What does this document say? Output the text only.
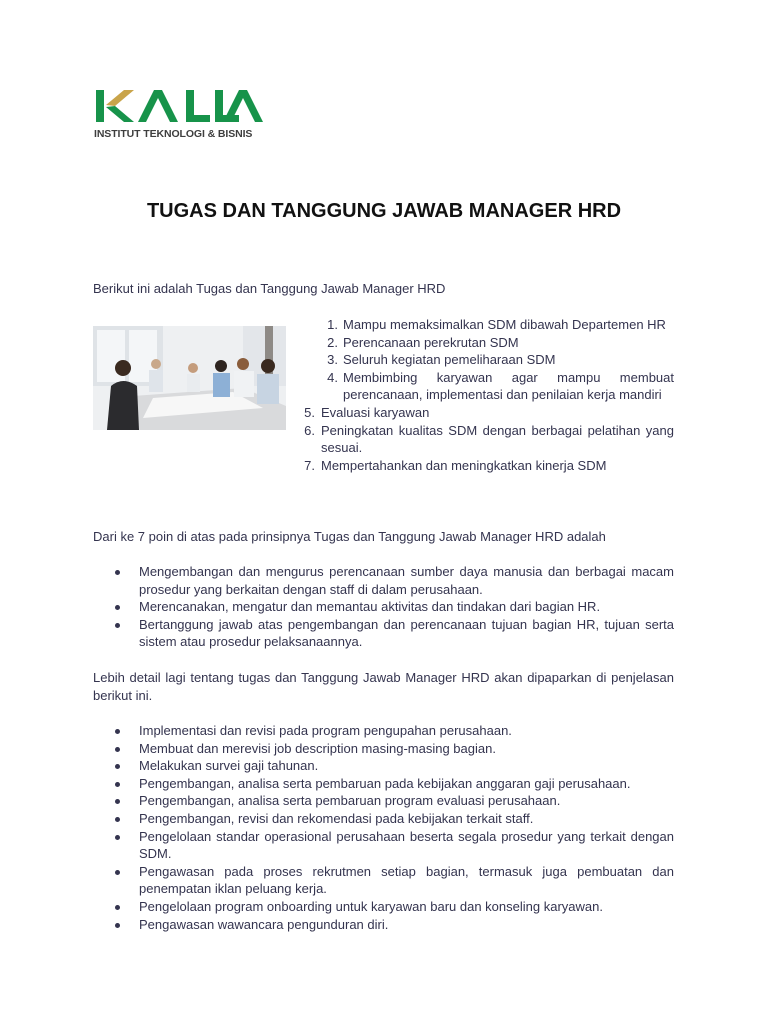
INSTITUT TEKNOLOGI & BISNIS
TUGAS DAN TANGGUNG JAWAB MANAGER HRD
Berikut ini adalah Tugas dan Tanggung Jawab Manager HRD
1. Mampu memaksimalkan SDM dibawah Departemen HR
2. Perencanaan perekrutan SDM
3. Seluruh kegiatan pemeliharaan SDM
4. Membimbing karyawan agar mampu membuat perencanaan, implementasi dan penilaian kerja mandiri
5. Evaluasi karyawan
6. Peningkatan kualitas SDM dengan berbagai pelatihan yang sesuai.
7. Mempertahankan dan meningkatkan kinerja SDM
Dari ke 7 poin di atas pada prinsipnya Tugas dan Tanggung Jawab Manager HRD adalah
Mengembangan dan mengurus perencanaan sumber daya manusia dan berbagai macam prosedur yang berkaitan dengan staff di dalam perusahaan.
Merencanakan, mengatur dan memantau aktivitas dan tindakan dari bagian HR.
Bertanggung jawab atas pengembangan dan perencanaan tujuan bagian HR, tujuan serta sistem atau prosedur pelaksanaannya.
Lebih detail lagi tentang tugas dan Tanggung Jawab Manager HRD akan dipaparkan di penjelasan berikut ini.
Implementasi dan revisi pada program pengupahan perusahaan.
Membuat dan merevisi job description masing-masing bagian.
Melakukan survei gaji tahunan.
Pengembangan, analisa serta pembaruan pada kebijakan anggaran gaji perusahaan.
Pengembangan, analisa serta pembaruan program evaluasi perusahaan.
Pengembangan, revisi dan rekomendasi pada kebijakan terkait staff.
Pengelolaan standar operasional perusahaan beserta segala prosedur yang terkait dengan SDM.
Pengawasan pada proses rekrutmen setiap bagian, termasuk juga pembuatan dan penempatan iklan peluang kerja.
Pengelolaan program onboarding untuk karyawan baru dan konseling karyawan.
Pengawasan wawancara pengunduran diri.
